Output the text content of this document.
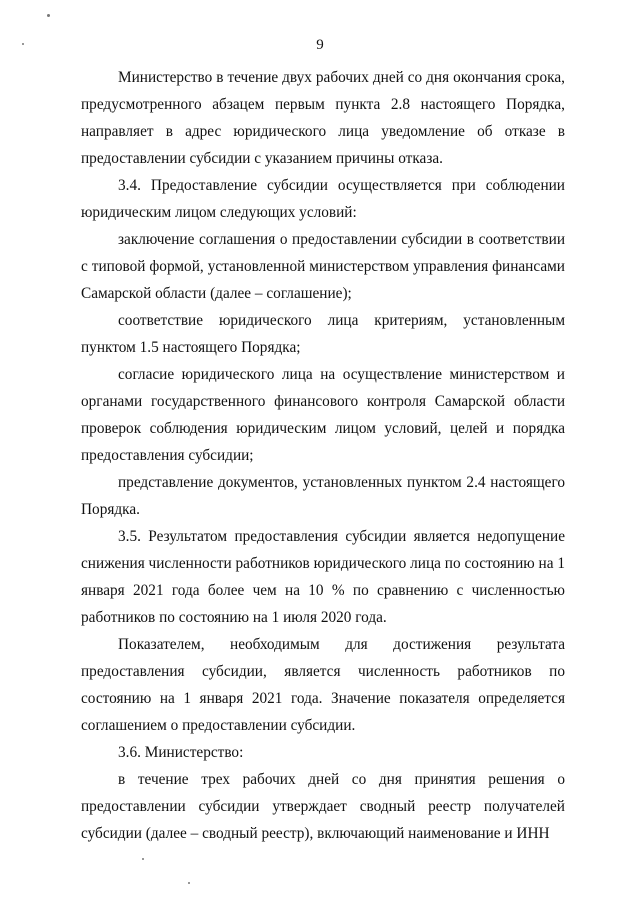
9

Министерство в течение двух рабочих дней со дня окончания срока, предусмотренного абзацем первым пункта 2.8 настоящего Порядка, направляет в адрес юридического лица уведомление об отказе в предоставлении субсидии с указанием причины отказа.

3.4. Предоставление субсидии осуществляется при соблюдении юридическим лицом следующих условий:

заключение соглашения о предоставлении субсидии в соответствии с типовой формой, установленной министерством управления финансами Самарской области (далее – соглашение);

соответствие юридического лица критериям, установленным пунктом 1.5 настоящего Порядка;

согласие юридического лица на осуществление министерством и органами государственного финансового контроля Самарской области проверок соблюдения юридическим лицом условий, целей и порядка предоставления субсидии;

представление документов, установленных пунктом 2.4 настоящего Порядка.

3.5. Результатом предоставления субсидии является недопущение снижения численности работников юридического лица по состоянию на 1 января 2021 года более чем на 10 % по сравнению с численностью работников по состоянию на 1 июля 2020 года.

Показателем, необходимым для достижения результата предоставления субсидии, является численность работников по состоянию на 1 января 2021 года. Значение показателя определяется соглашением о предоставлении субсидии.

3.6. Министерство:

в течение трех рабочих дней со дня принятия решения о предоставлении субсидии утверждает сводный реестр получателей субсидии (далее – сводный реестр), включающий наименование и ИНН
